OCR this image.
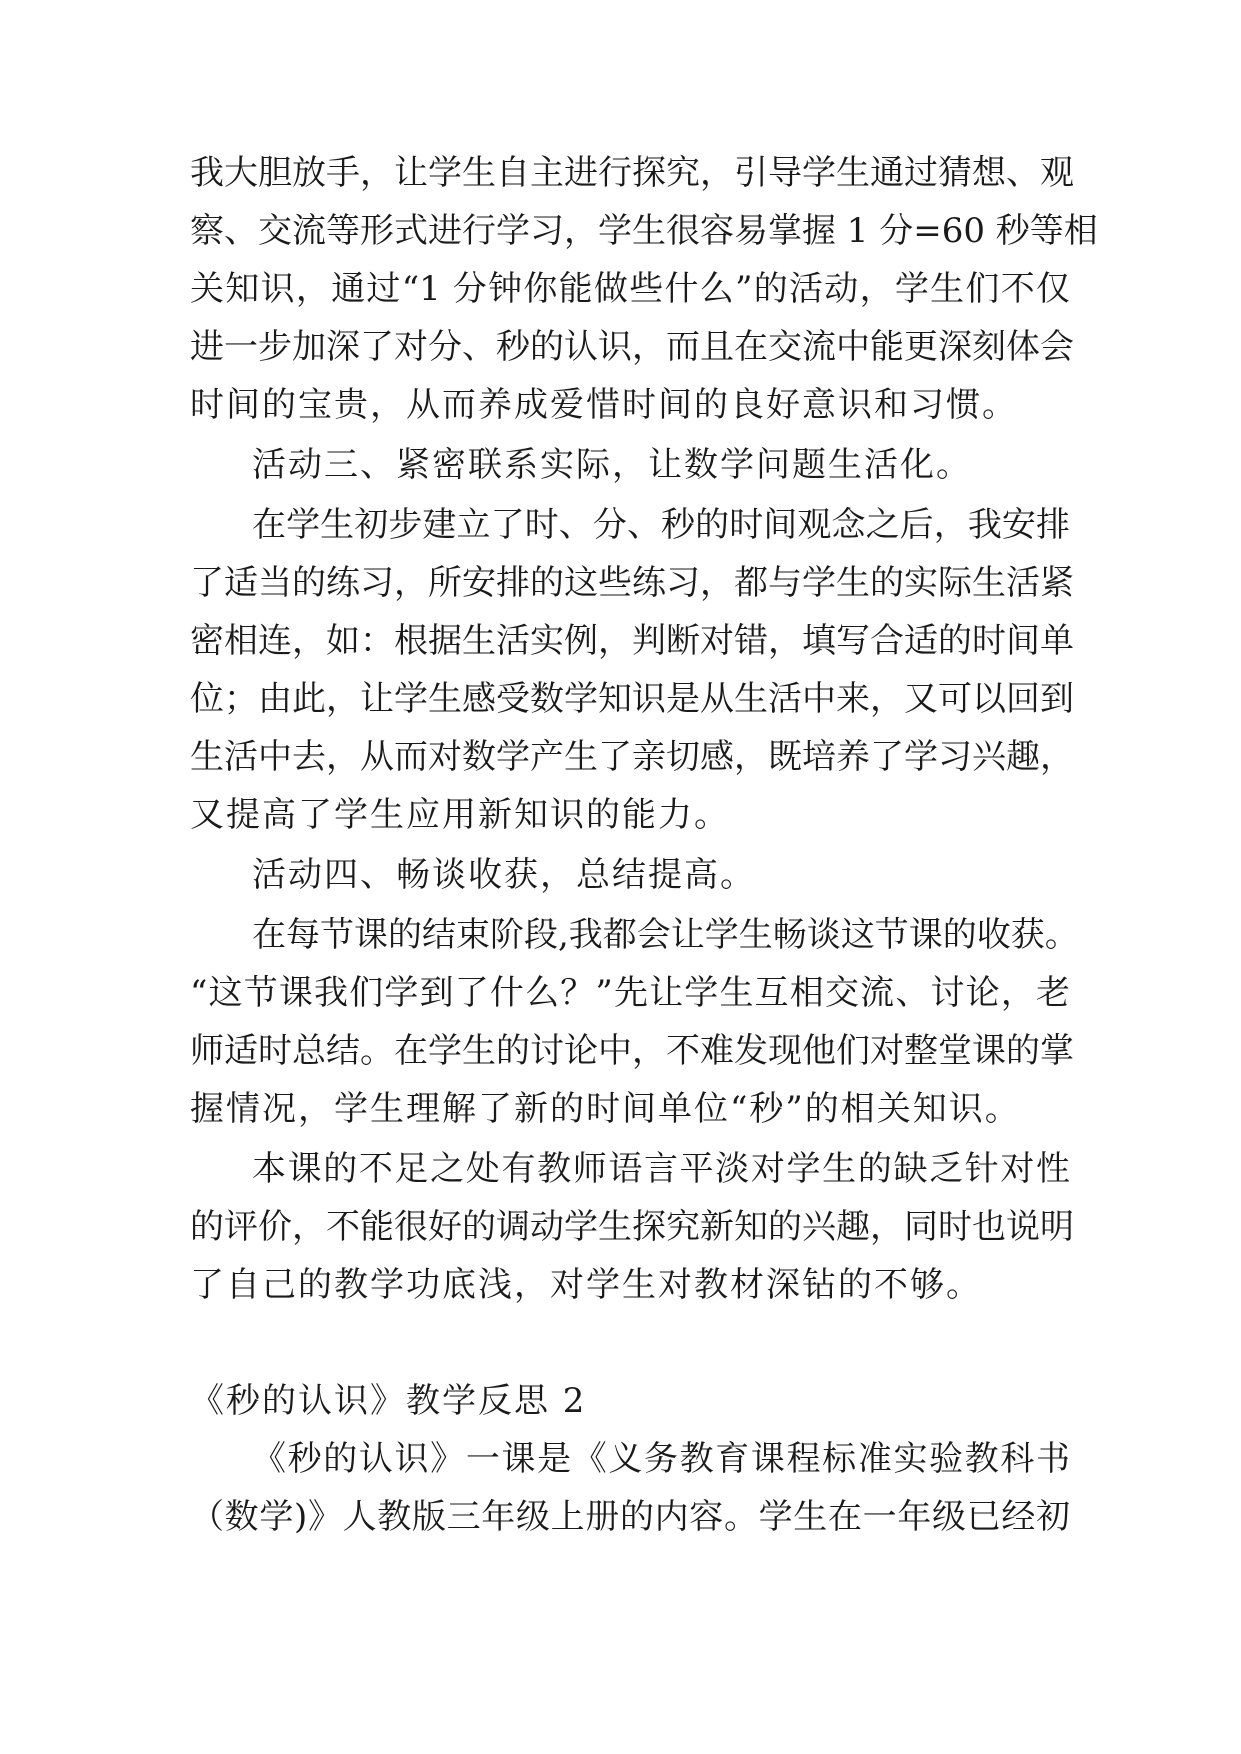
我大胆放手，让学生自主进行探究，引导学生通过猜想、观
察、交流等形式进行学习，学生很容易掌握 1 分=60 秒等相
关知识，通过“1 分钟你能做些什么”的活动，学生们不仅
进一步加深了对分、秒的认识，而且在交流中能更深刻体会
时间的宝贵，从而养成爱惜时间的良好意识和习惯。
活动三、紧密联系实际，让数学问题生活化。
在学生初步建立了时、分、秒的时间观念之后，我安排
了适当的练习，所安排的这些练习，都与学生的实际生活紧
密相连，如：根据生活实例，判断对错，填写合适的时间单
位；由此，让学生感受数学知识是从生活中来，又可以回到
生活中去，从而对数学产生了亲切感，既培养了学习兴趣，
又提高了学生应用新知识的能力。
活动四、畅谈收获，总结提高。
在每节课的结束阶段,我都会让学生畅谈这节课的收获。
“这节课我们学到了什么？”先让学生互相交流、讨论，老
师适时总结。在学生的讨论中，不难发现他们对整堂课的掌
握情况，学生理解了新的时间单位“秒”的相关知识。
本课的不足之处有教师语言平淡对学生的缺乏针对性
的评价，不能很好的调动学生探究新知的兴趣，同时也说明
了自己的教学功底浅，对学生对教材深钻的不够。
《秒的认识》教学反思 2
《秒的认识》一课是《义务教育课程标准实验教科书
（数学)》人教版三年级上册的内容。学生在一年级已经初
